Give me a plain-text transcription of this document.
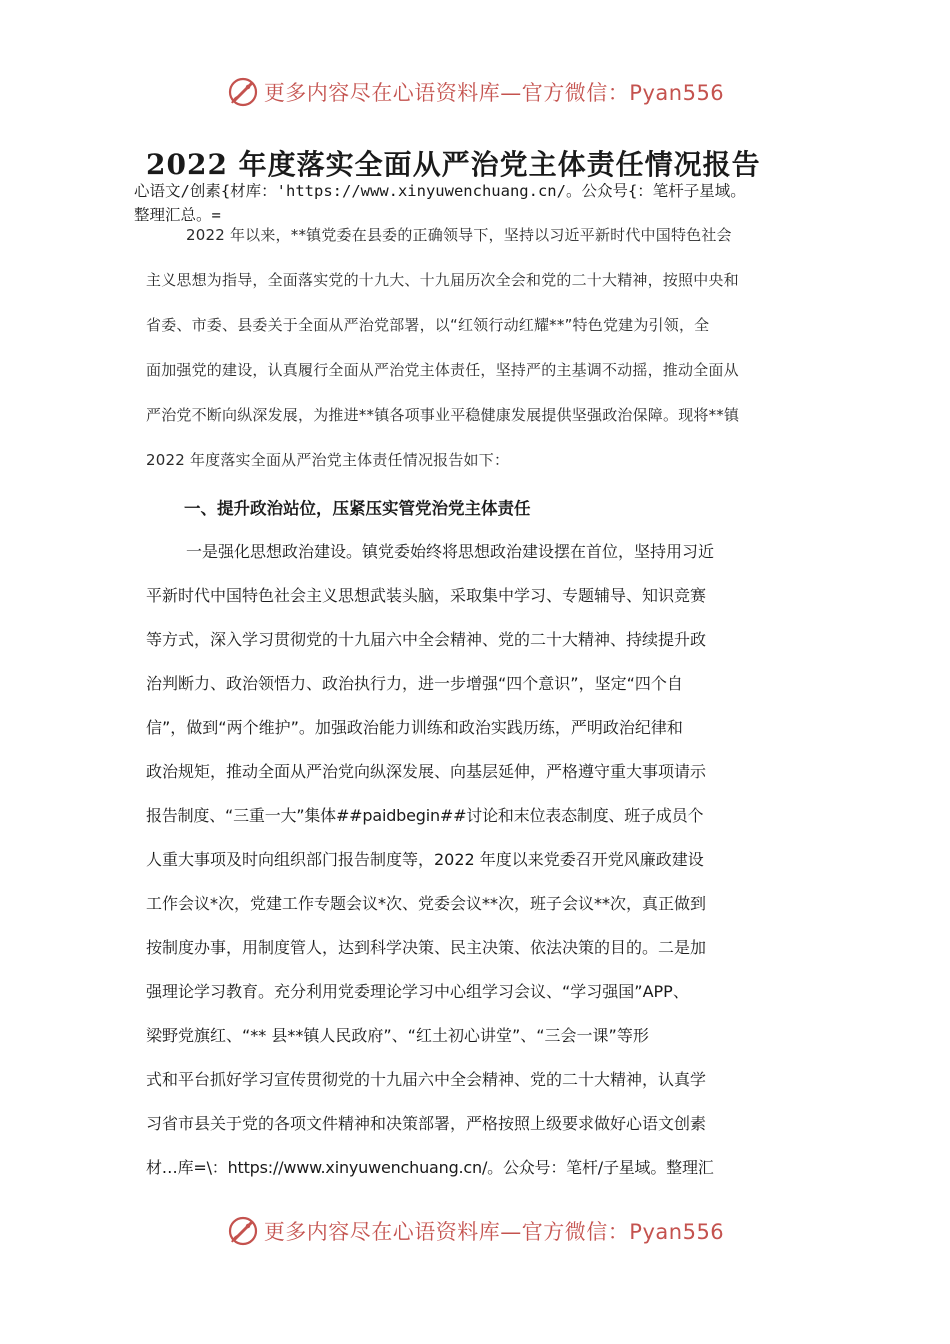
更多内容尽在心语资料库—官方微信：Pyan556
2022 年度落实全面从严治党主体责任情况报告
心语文/创素{材库：'https://www.xinyuwenchuang.cn/。公众号{：笔杆子星域。
整理汇总。=
2022 年以来，**镇党委在县委的正确领导下，坚持以习近平新时代中国特色社会
主义思想为指导，全面落实党的十九大、十九届历次全会和党的二十大精神，按照中央和
省委、市委、县委关于全面从严治党部署，以“红领行动红耀**”特色党建为引领，全
面加强党的建设，认真履行全面从严治党主体责任，坚持严的主基调不动摇，推动全面从
严治党不断向纵深发展，为推进**镇各项事业平稳健康发展提供坚强政治保障。现将**镇
2022 年度落实全面从严治党主体责任情况报告如下：
一、提升政治站位，压紧压实管党治党主体责任
一是强化思想政治建设。镇党委始终将思想政治建设摆在首位，坚持用习近
平新时代中国特色社会主义思想武装头脑，采取集中学习、专题辅导、知识竞赛
等方式，深入学习贯彻党的十九届六中全会精神、党的二十大精神、持续提升政
治判断力、政治领悟力、政治执行力，进一步增强“四个意识”，坚定“四个自
信”，做到“两个维护”。加强政治能力训练和政治实践历练，严明政治纪律和
政治规矩，推动全面从严治党向纵深发展、向基层延伸，严格遵守重大事项请示
报告制度、“三重一大”集体##paidbegin##讨论和末位表态制度、班子成员个
人重大事项及时向组织部门报告制度等，2022 年度以来党委召开党风廉政建设
工作会议*次，党建工作专题会议*次、党委会议**次，班子会议**次，真正做到
按制度办事，用制度管人，达到科学决策、民主决策、依法决策的目的。二是加
强理论学习教育。充分利用党委理论学习中心组学习会议、“学习强国”APP、
梁野党旗红、“** 县**镇人民政府”、“红土初心讲堂”、“三会一课”等形
式和平台抓好学习宣传贯彻党的十九届六中全会精神、党的二十大精神，认真学
习省市县关于党的各项文件精神和决策部署，严格按照上级要求做好心语文创素
材…库=\：https://www.xinyuwenchuang.cn/。公众号：笔杆/子星域。整理汇
更多内容尽在心语资料库—官方微信：Pyan556
